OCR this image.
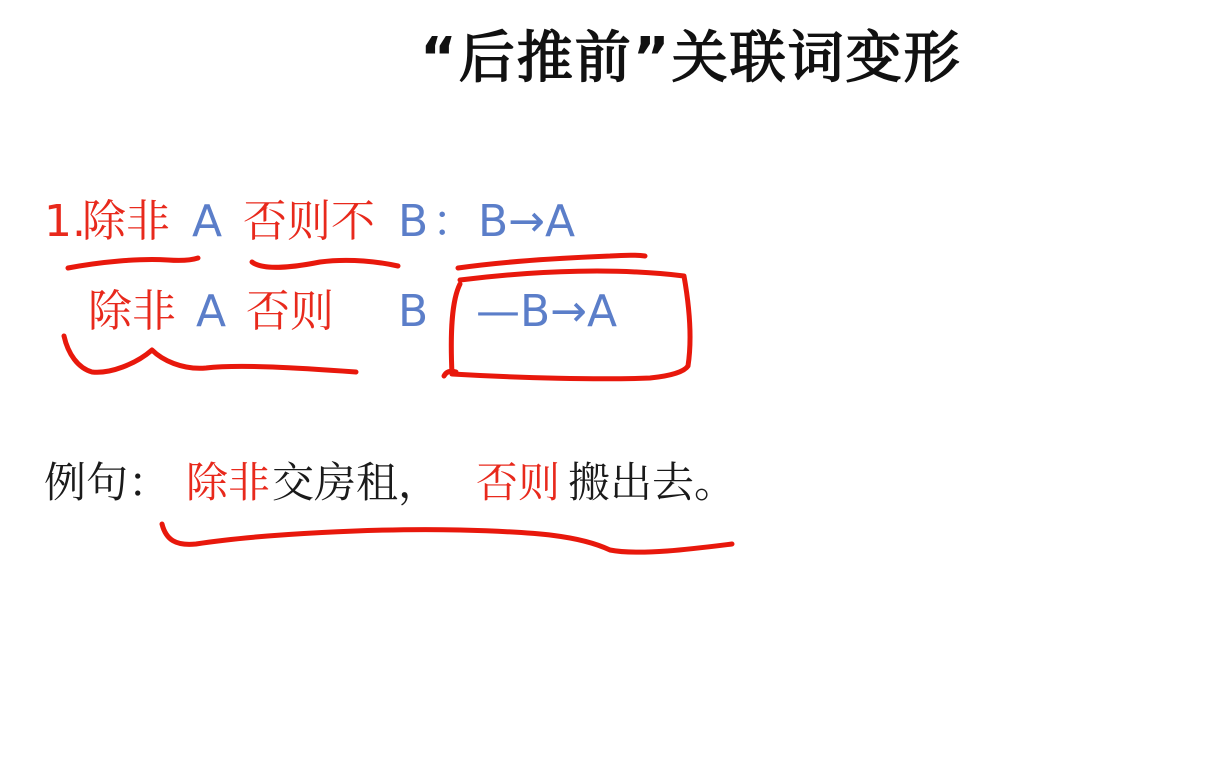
“后推前”关联词变形
1.
除非 A 否则不 B ： B→A
除非 A 否则 B —B→A
例句： 除非 交房租， 否则 搬出去。
